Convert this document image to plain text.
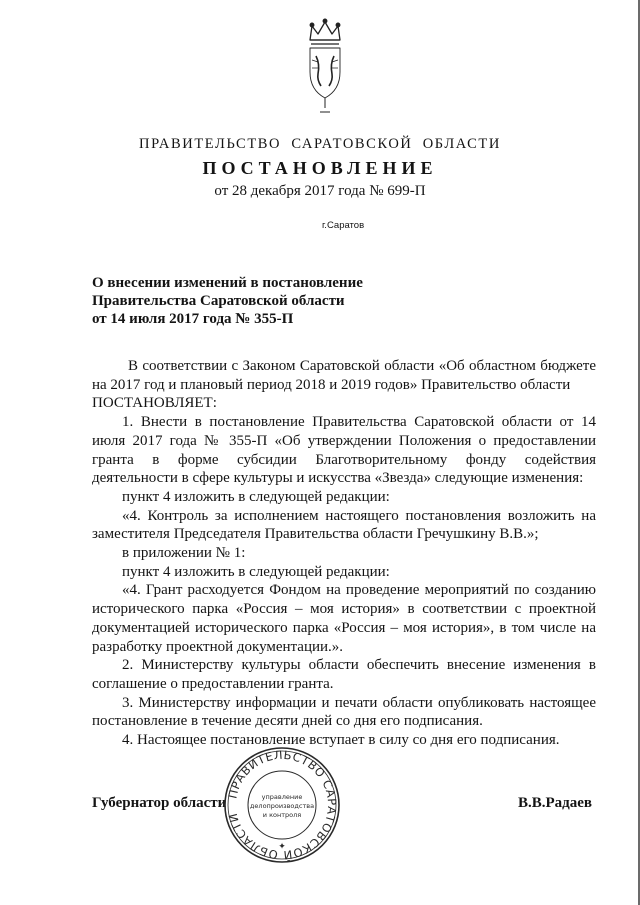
ПРАВИТЕЛЬСТВО САРАТОВСКОЙ ОБЛАСТИ
ПОСТАНОВЛЕНИЕ
от 28 декабря 2017 года № 699-П
г.Саратов
О внесении изменений в постановление
Правительства Саратовской области
от 14 июля 2017 года № 355-П

В соответствии с Законом Саратовской области «Об областном бюджете на 2017 год и плановый период 2018 и 2019 годов» Правительство области

ПОСТАНОВЛЯЕТ:

1. Внести в постановление Правительства Саратовской области от 14 июля 2017 года № 355-П «Об утверждении Положения о предоставлении гранта в форме субсидии Благотворительному фонду содействия деятельности в сфере культуры и искусства «Звезда» следующие изменения:

пункт 4 изложить в следующей редакции:

«4. Контроль за исполнением настоящего постановления возложить на заместителя Председателя Правительства области Гречушкину В.В.»;

в приложении № 1:

пункт 4 изложить в следующей редакции:

«4. Грант расходуется Фондом на проведение мероприятий по созданию исторического парка «Россия – моя история» в соответствии с проектной документацией исторического парка «Россия – моя история», в том числе на разработку проектной документации.».

2. Министерству культуры области обеспечить внесение изменения в соглашение о предоставлении гранта.

3. Министерству информации и печати области опубликовать настоящее постановление в течение десяти дней со дня его подписания.

4. Настоящее постановление вступает в силу со дня его подписания.

Губернатор области	В.В.Радаев
ПРАВИТЕЛЬСТВО САРАТОВСКОЙ ОБЛАСТИ
✦
управление
делопроизводства
и контроля
